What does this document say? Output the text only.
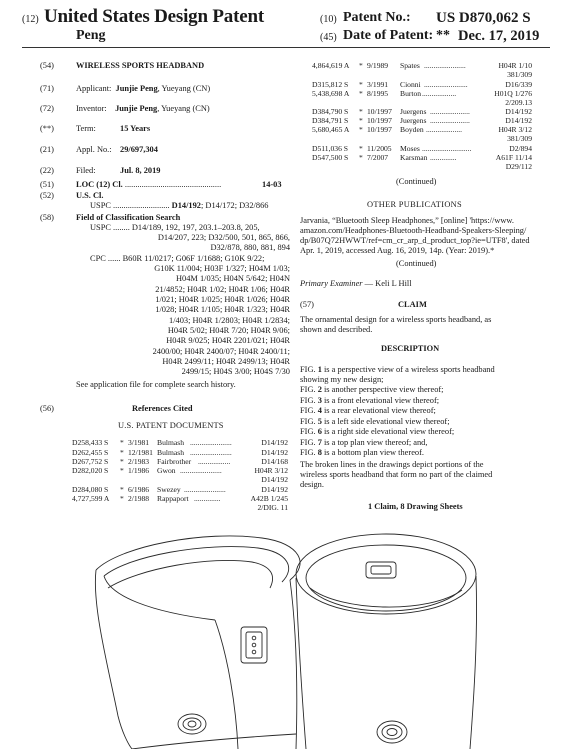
(12) United States Design Patent
Peng
(10) Patent No.: US D870,062 S
(45) Date of Patent: ** Dec. 17, 2019
(54)	WIRELESS SPORTS HEADBAND
(71)	Applicant: Junjie Peng, Yueyang (CN)
(72)	Inventor: Junjie Peng, Yueyang (CN)
(**)	Term:	15 Years
(21)	Appl. No.: 29/697,304
(22)	Filed:	Jul. 8, 2019
(51)	LOC (12) Cl. ..............................................	14-03
(52)	U.S. Cl.
USPC ........................... D14/192; D14/172; D32/866
(58)	Field of Classification Search
USPC ........ D14/189, 192, 197, 203.1–203.8, 205,
D14/207, 223; D32/500, 501, 865, 866,
D32/878, 880, 881, 894
CPC ...... B60R 11/0217; G06F 1/1688; G10K 9/22;
G10K 11/004; H03F 1/327; H04M 1/03;
H04M 1/035; H04N 5/642; H04N
21/4852; H04R 1/02; H04R 1/06; H04R
1/021; H04R 1/025; H04R 1/026; H04R
1/028; H04R 1/105; H04R 1/323; H04R
1/403; H04R 1/2803; H04R 1/2834;
H04R 5/02; H04R 7/20; H04R 9/06;
H04R 9/025; H04R 2201/021; H04R
2400/00; H04R 2400/07; H04R 2400/11;
H04R 2499/11; H04R 2499/13; H04R
2499/15; H04S 3/00; H04S 7/30
See application file for complete search history.
(56)	References Cited
U.S. PATENT DOCUMENTS
D258,433 S * 3/1981 Bulmash ......................	D14/192
D262,455 S * 12/1981 Bulmash ......................	D14/192
D267,752 S * 2/1983 Fairbrother .................	D14/168
D282,020 S * 1/1986 Gwon ......................	H04R 3/12
D14/192
D284,080 S * 6/1986 Swezey ......................	D14/192
4,727,599 A * 2/1988 Rappaport ..............	A42B 1/245
2/DIG. 11
4,864,619 A * 9/1989 Spates ......................	H04R 1/10
381/309
D315,812 S * 3/1991 Cionni .......................	D16/339
5,438,698 A * 8/1995 Burton ..................	H01Q 1/276
2/209.13
D384,790 S * 10/1997 Juergens .....................	D14/192
D384,791 S * 10/1997 Juergens .....................	D14/192
5,680,465 A * 10/1997 Boyden ...................	H04R 3/12
381/309
D511,036 S * 11/2005 Moses ..........................	D2/894
D547,500 S * 7/2007 Karsman ..............	A61F 11/14
D29/112
(Continued)
OTHER PUBLICATIONS
Jarvania, “Bluetooth Sleep Headphones,” [online] 'https://www.
amazon.com/Headphones-Bluetooth-Headband-Speakers-Sleeping/
dp/B07Q72HWWT/ref=cm_cr_arp_d_product_top?ie=UTF8', dated
Apr. 1, 2019, accessed Aug. 16, 2019, 14p. (Year: 2019).*
(Continued)
Primary Examiner — Keli L Hill
(57)	CLAIM
The ornamental design for a wireless sports headband, as
shown and described.
DESCRIPTION
FIG. 1 is a perspective view of a wireless sports headband
showing my new design;
FIG. 2 is another perspective view thereof;
FIG. 3 is a front elevational view thereof;
FIG. 4 is a rear elevational view thereof;
FIG. 5 is a left side elevational view thereof;
FIG. 6 is a right side elevational view thereof;
FIG. 7 is a top plan view thereof; and,
FIG. 8 is a bottom plan view thereof.
The broken lines in the drawings depict portions of the
wireless sports headband that form no part of the claimed
design.
1 Claim, 8 Drawing Sheets
